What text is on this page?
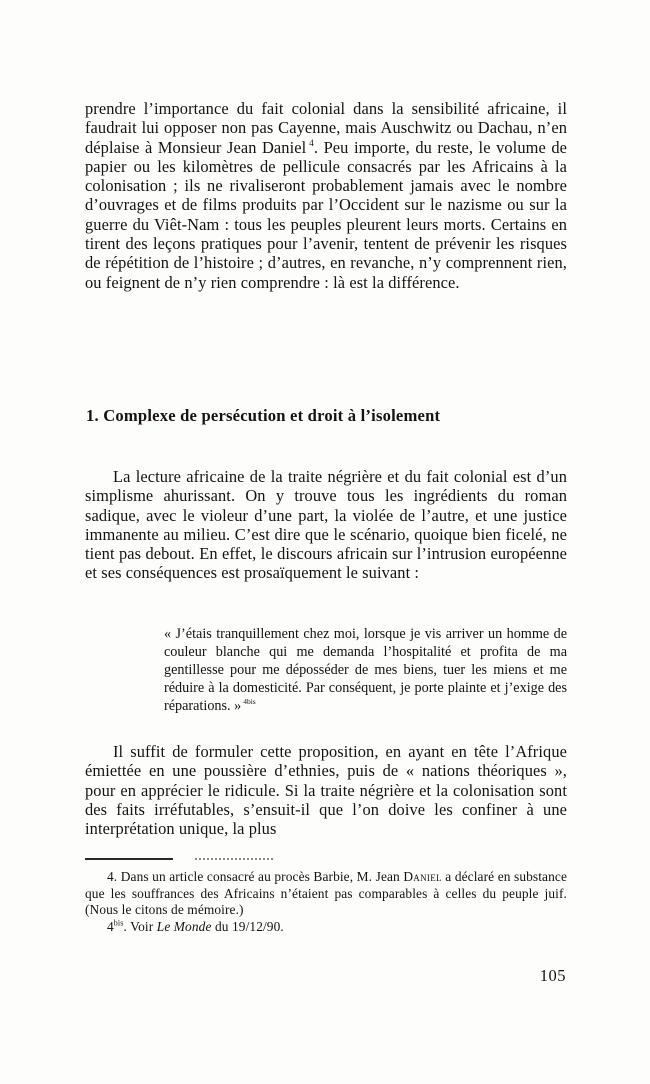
prendre l’importance du fait colonial dans la sensibilité africaine, il faudrait lui opposer non pas Cayenne, mais Auschwitz ou Dachau, n’en déplaise à Monsieur Jean Daniel $^4$. Peu importe, du reste, le volume de papier ou les kilomètres de pellicule consacrés par les Africains à la colonisation ; ils ne rivaliseront probablement jamais avec le nombre d’ouvrages et de films produits par l’Occident sur le nazisme ou sur la guerre du Viêt-Nam : tous les peuples pleurent leurs morts. Certains en tirent des leçons pratiques pour l’avenir, tentent de prévenir les risques de répétition de l’histoire ; d’autres, en revanche, n’y comprennent rien, ou feignent de n’y rien comprendre : là est la différence.

1. Complexe de persécution et droit à l’isolement

La lecture africaine de la traite négrière et du fait colonial est d’un simplisme ahurissant. On y trouve tous les ingrédients du roman sadique, avec le violeur d’une part, la violée de l’autre, et une justice immanente au milieu. C’est dire que le scénario, quoique bien ficelé, ne tient pas debout. En effet, le discours africain sur l’intrusion européenne et ses conséquences est prosaïquement le suivant :

« J’étais tranquillement chez moi, lorsque je vis arriver un homme de couleur blanche qui me demanda l’hospitalité et profita de ma gentillesse pour me déposséder de mes biens, tuer les miens et me réduire à la domesticité. Par conséquent, je porte plainte et j’exige des réparations. » $^{4bis}$

Il suffit de formuler cette proposition, en ayant en tête l’Afrique émiettée en une poussière d’ethnies, puis de « nations théoriques », pour en apprécier le ridicule. Si la traite négrière et la colonisation sont des faits irréfutables, s’ensuit-il que l’on doive les confiner à une interprétation unique, la plus

4. Dans un article consacré au procès Barbie, M. Jean Daniel a déclaré en substance que les souffrances des Africains n’étaient pas comparables à celles du peuple juif. (Nous le citons de mémoire.)

4$^{bis}$. Voir Le Monde du 19/12/90.

105
